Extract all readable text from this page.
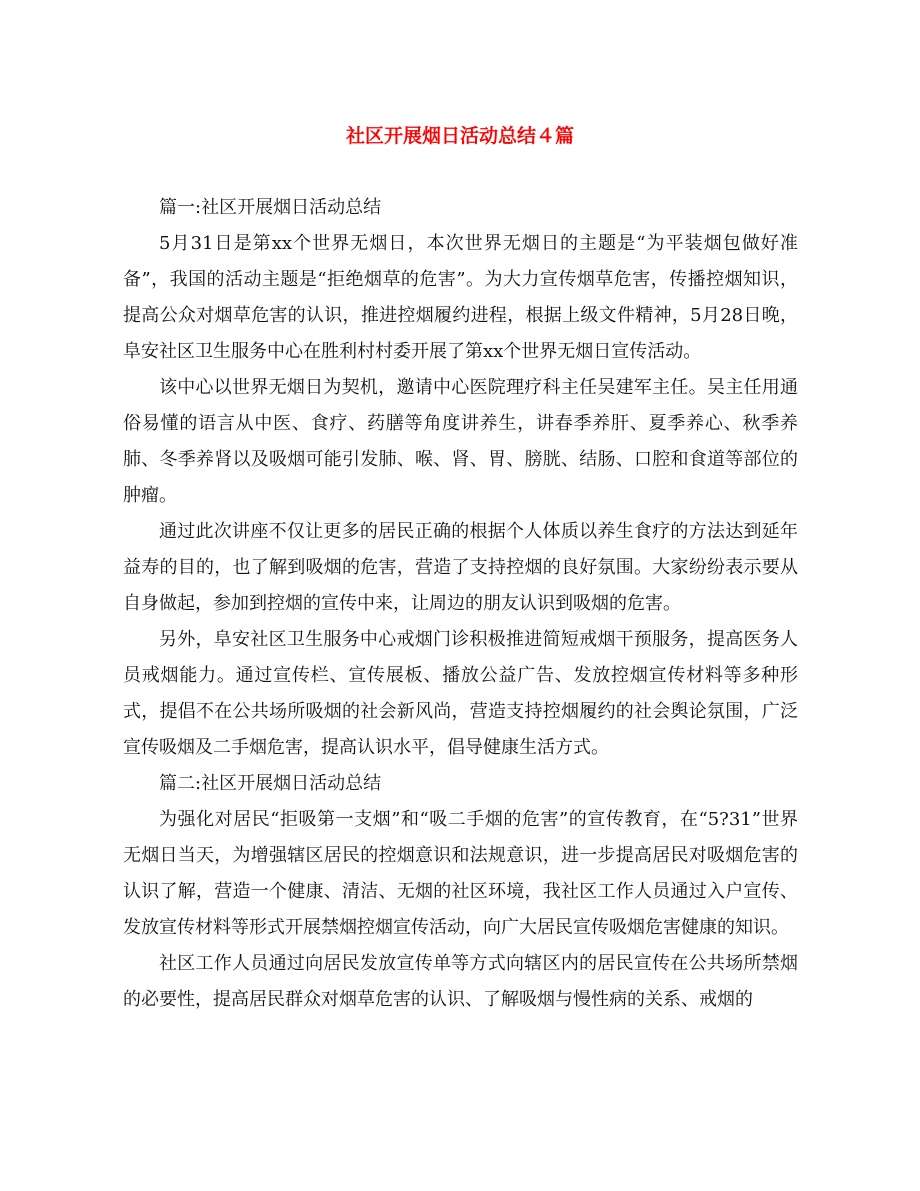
社区开展烟日活动总结４篇

篇一:社区开展烟日活动总结

5月31日是第xx个世界无烟日，本次世界无烟日的主题是“为平装烟包做好准备”，我国的活动主题是“拒绝烟草的危害”。为大力宣传烟草危害，传播控烟知识，提高公众对烟草危害的认识，推进控烟履约进程，根据上级文件精神，5月28日晚，阜安社区卫生服务中心在胜利村村委开展了第xx个世界无烟日宣传活动。

该中心以世界无烟日为契机，邀请中心医院理疗科主任吴建军主任。吴主任用通俗易懂的语言从中医、食疗、药膳等角度讲养生，讲春季养肝、夏季养心、秋季养肺、冬季养肾以及吸烟可能引发肺、喉、肾、胃、膀胱、结肠、口腔和食道等部位的肿瘤。

通过此次讲座不仅让更多的居民正确的根据个人体质以养生食疗的方法达到延年益寿的目的，也了解到吸烟的危害，营造了支持控烟的良好氛围。大家纷纷表示要从自身做起，参加到控烟的宣传中来，让周边的朋友认识到吸烟的危害。

另外，阜安社区卫生服务中心戒烟门诊积极推进简短戒烟干预服务，提高医务人员戒烟能力。通过宣传栏、宣传展板、播放公益广告、发放控烟宣传材料等多种形式，提倡不在公共场所吸烟的社会新风尚，营造支持控烟履约的社会舆论氛围，广泛宣传吸烟及二手烟危害，提高认识水平，倡导健康生活方式。

篇二:社区开展烟日活动总结

为强化对居民“拒吸第一支烟”和“吸二手烟的危害”的宣传教育，在“5?31”世界无烟日当天，为增强辖区居民的控烟意识和法规意识，进一步提高居民对吸烟危害的认识了解，营造一个健康、清洁、无烟的社区环境，我社区工作人员通过入户宣传、发放宣传材料等形式开展禁烟控烟宣传活动，向广大居民宣传吸烟危害健康的知识。

社区工作人员通过向居民发放宣传单等方式向辖区内的居民宣传在公共场所禁烟的必要性，提高居民群众对烟草危害的认识、了解吸烟与慢性病的关系、戒烟的
